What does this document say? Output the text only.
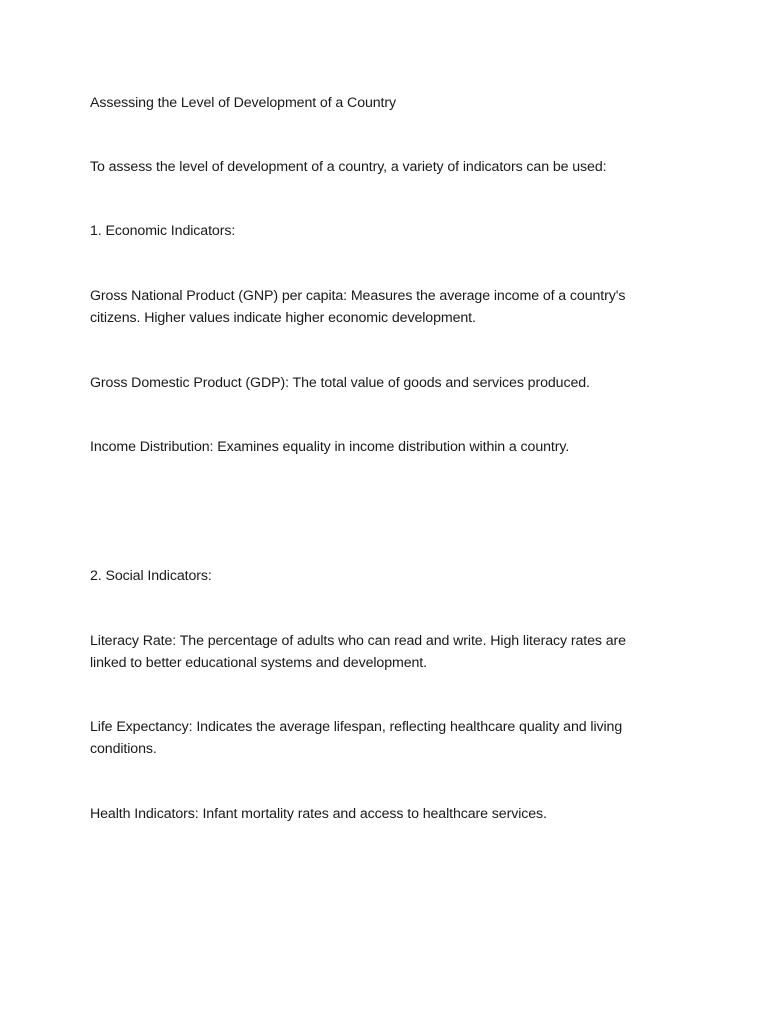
Assessing the Level of Development of a Country

To assess the level of development of a country, a variety of indicators can be used:

1. Economic Indicators:

Gross National Product (GNP) per capita: Measures the average income of a country's citizens. Higher values indicate higher economic development.

Gross Domestic Product (GDP): The total value of goods and services produced.

Income Distribution: Examines equality in income distribution within a country.

2. Social Indicators:

Literacy Rate: The percentage of adults who can read and write. High literacy rates are linked to better educational systems and development.

Life Expectancy: Indicates the average lifespan, reflecting healthcare quality and living conditions.

Health Indicators: Infant mortality rates and access to healthcare services.
